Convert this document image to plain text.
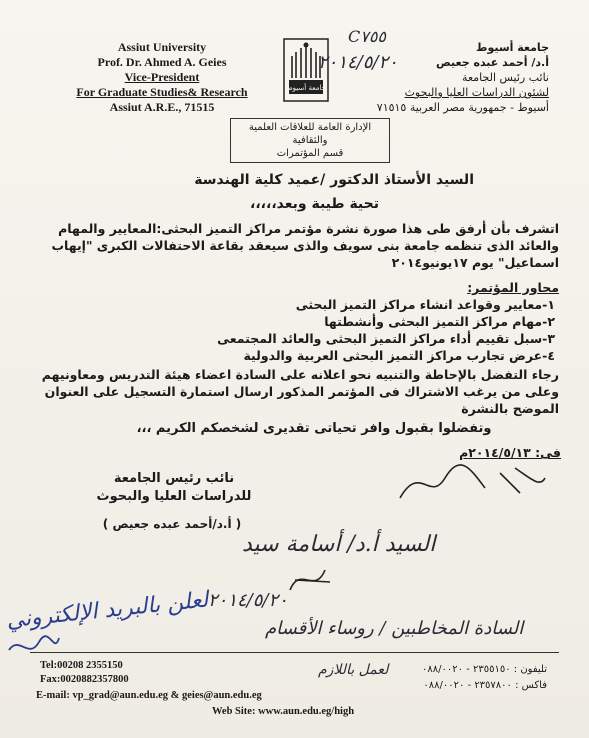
Assiut University
Prof. Dr. Ahmed A. Geies
Vice-President
For Graduate Studies& Research
Assiut A.R.E., 71515
جامعة أسيوط
جامعة أسيوط
أ.د/ أحمد عبده جعيص
نائب رئيس الجامعة
لشئون الدراسات العليا والبحوث
أسيوط - جمهورية مصر العربية ٧١٥١٥
C٧٥٥
٢٠١٤/٥/٢٠
الإدارة العامة للعلاقات العلمية والثقافية
قسم المؤتمرات
السيد الأستاذ الدكتور /عميد كلية الهندسة
تحية طيبة وبعد،،،،،
اتشرف بأن أرفق طى هذا صورة نشرة مؤتمر مراكز التميز البحثى:المعايير والمهام والعائد الذى تنظمه جامعة بنى سويف والذى سيعقد بقاعة الاحتفالات الكبرى "إيهاب اسماعيل" يوم ١٧يونيو٢٠١٤
محاور المؤتمر:
١-معايير وقواعد انشاء مراكز التميز البحثى
٢-مهام مراكز التميز البحثى وأنشطتها
٣-سبل تقييم أداء مراكز التميز البحثى والعائد المجتمعى
٤-عرض تجارب مراكز التميز البحثى العربية والدولية
رجاء التفضل بالإحاطة والتنبيه نحو اعلانه على السادة اعضاء هيئة التدريس ومعاونيهم وعلى من يرغب الاشتراك فى المؤتمر المذكور ارسال استمارة التسجيل على العنوان الموضح بالنشرة
وتفضلوا بقبول وافر تحياتى تقديرى لشخصكم الكريم ،،،
فى: ٢٠١٤/٥/١٣م
نائب رئيس الجامعة
للدراسات العليا والبحوث
( أ.د/أحمد عبده جعيص )
السيد أ.د/ أسامة سيد
٢٠١٤/٥/٢٠
السادة المخاطبين / روساء الأقسام
لعمل باللازم
لعلن بالبريد الإلكتروني
Tel:00208 2355150
Fax:0020882357800
E-mail: vp_grad@aun.edu.eg & geies@aun.edu.eg
Web Site: www.aun.edu.eg/high
تليفون : ٢٣٥٥١٥٠ - ٠٨٨/٠٠٢٠
فاكس : ٢٣٥٧٨٠٠ - ٠٨٨/٠٠٢٠
